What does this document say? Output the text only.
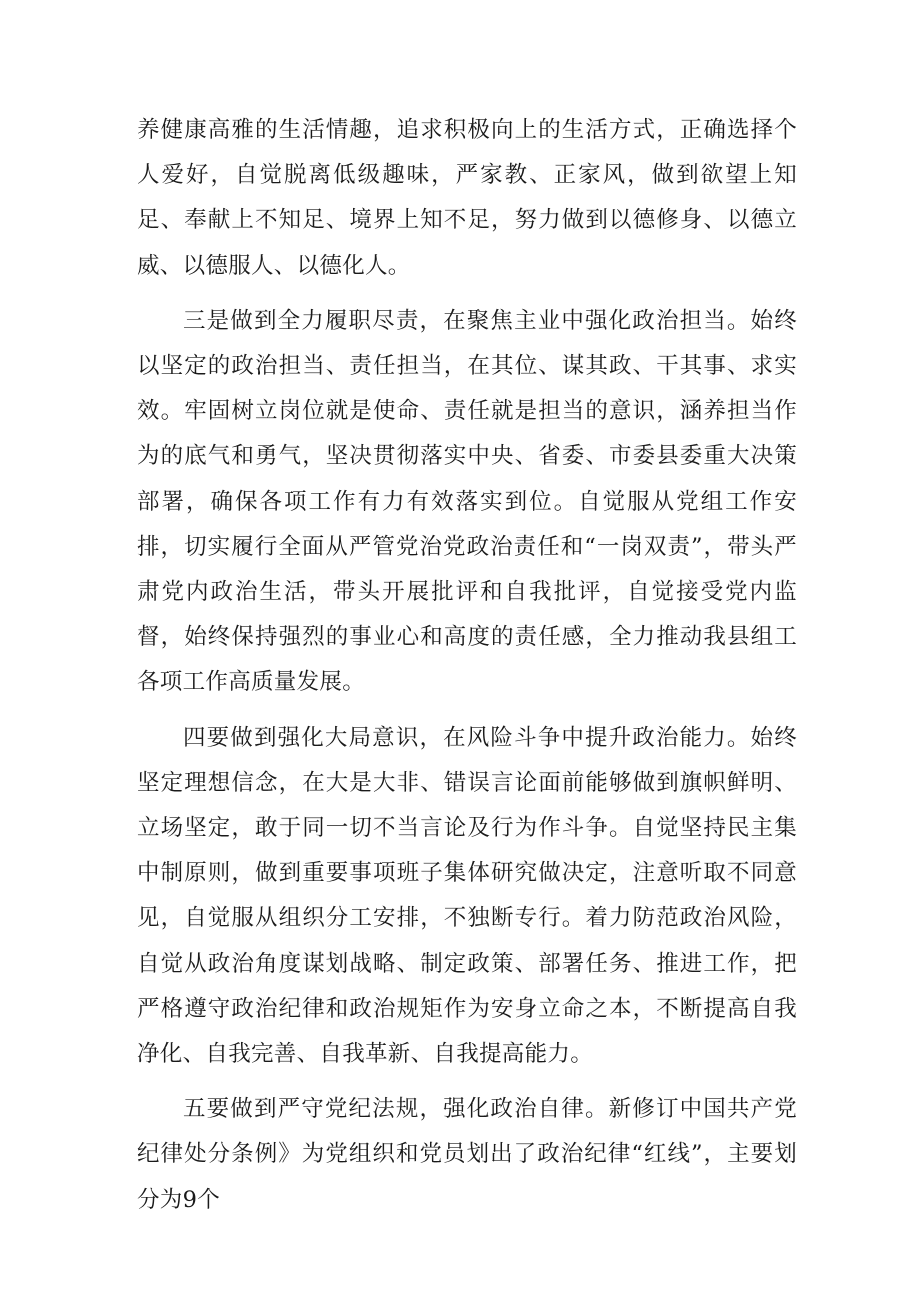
养健康高雅的生活情趣，追求积极向上的生活方式，正确选择个人爱好，自觉脱离低级趣味，严家教、正家风，做到欲望上知足、奉献上不知足、境界上知不足，努力做到以德修身、以德立威、以德服人、以德化人。

三是做到全力履职尽责，在聚焦主业中强化政治担当。始终以坚定的政治担当、责任担当，在其位、谋其政、干其事、求实效。牢固树立岗位就是使命、责任就是担当的意识，涵养担当作为的底气和勇气，坚决贯彻落实中央、省委、市委县委重大决策部署，确保各项工作有力有效落实到位。自觉服从党组工作安排，切实履行全面从严管党治党政治责任和“一岗双责”，带头严肃党内政治生活，带头开展批评和自我批评，自觉接受党内监督，始终保持强烈的事业心和高度的责任感，全力推动我县组工各项工作高质量发展。

四要做到强化大局意识，在风险斗争中提升政治能力。始终坚定理想信念，在大是大非、错误言论面前能够做到旗帜鲜明、立场坚定，敢于同一切不当言论及行为作斗争。自觉坚持民主集中制原则，做到重要事项班子集体研究做决定，注意听取不同意见，自觉服从组织分工安排，不独断专行。着力防范政治风险，自觉从政治角度谋划战略、制定政策、部署任务、推进工作，把严格遵守政治纪律和政治规矩作为安身立命之本，不断提高自我净化、自我完善、自我革新、自我提高能力。

五要做到严守党纪法规，强化政治自律。新修订中国共产党纪律处分条例》为党组织和党员划出了政治纪律“红线”，主要划分为9个
